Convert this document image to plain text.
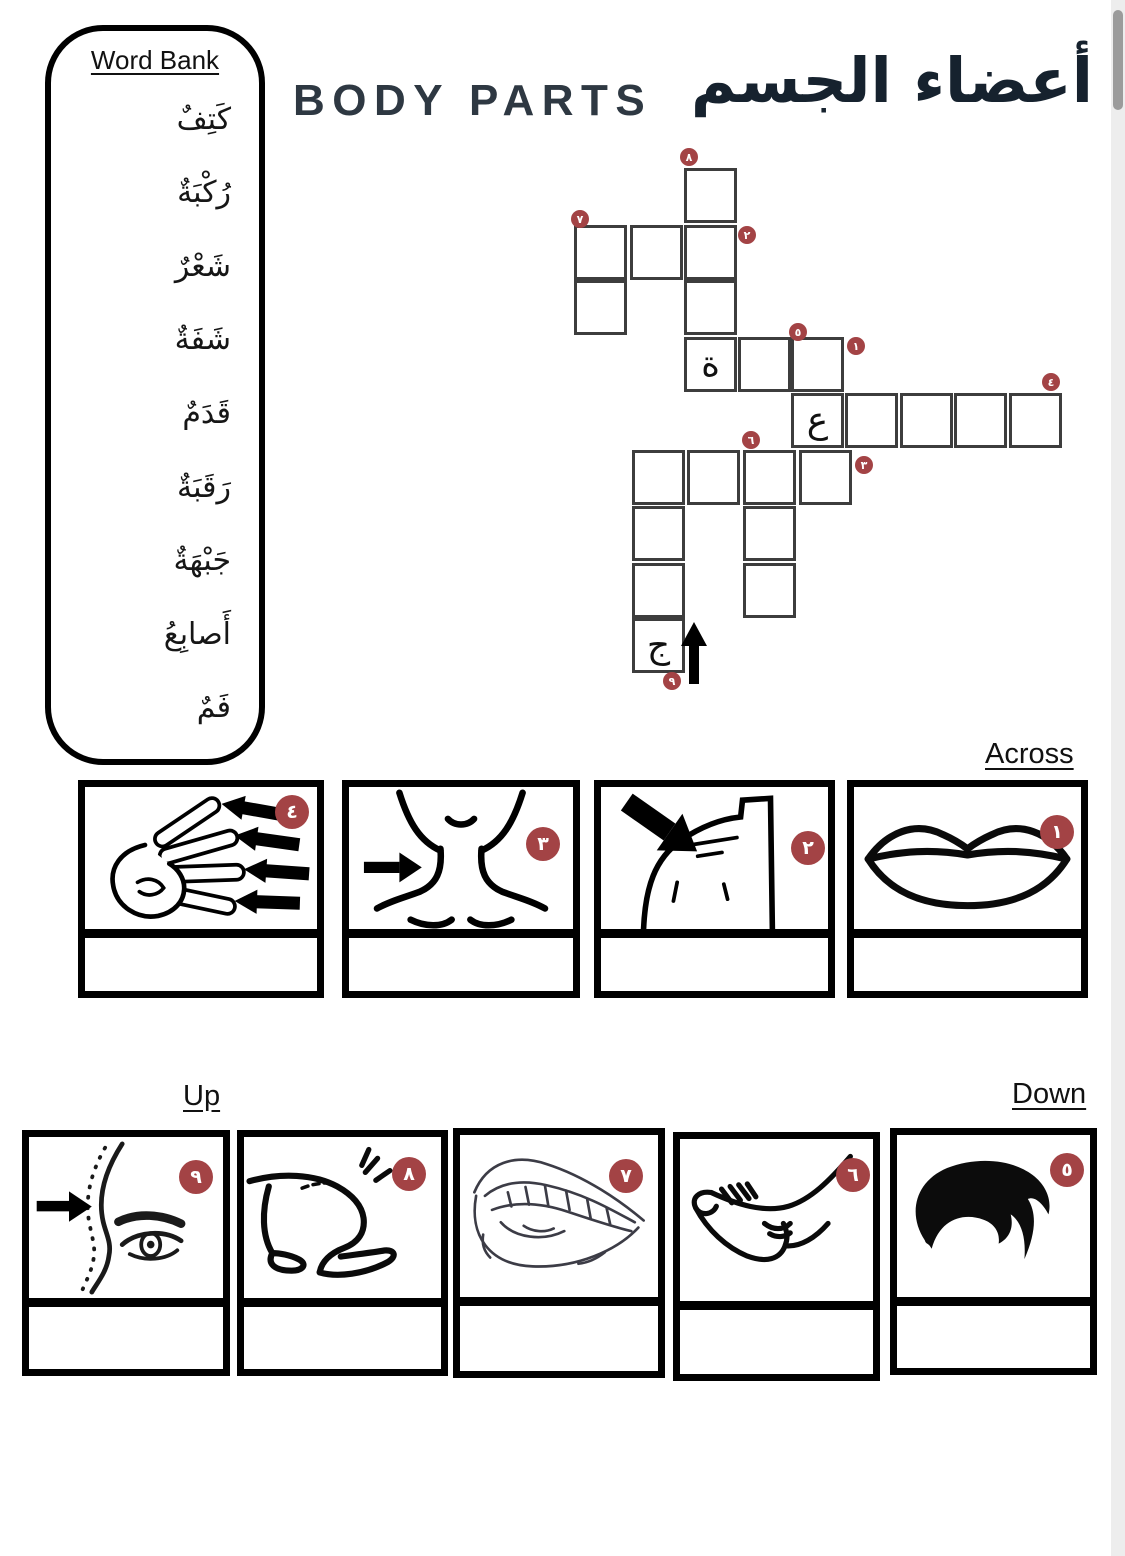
Word Bank
كَتِفٌ
رُكْبَةٌ
شَعْرٌ
شَفَةٌ
قَدَمٌ
رَقَبَةٌ
جَبْهَةٌ
أَصابِعُ
فَمٌ
BODY PARTS أعضاء الجسم
ة
ع
ج
٨
٧
٢
٥
١
٤
٦
٣
٩
Across
Up	Down
٤
٣	٢
١
٩	٨	٧	٦	٥
